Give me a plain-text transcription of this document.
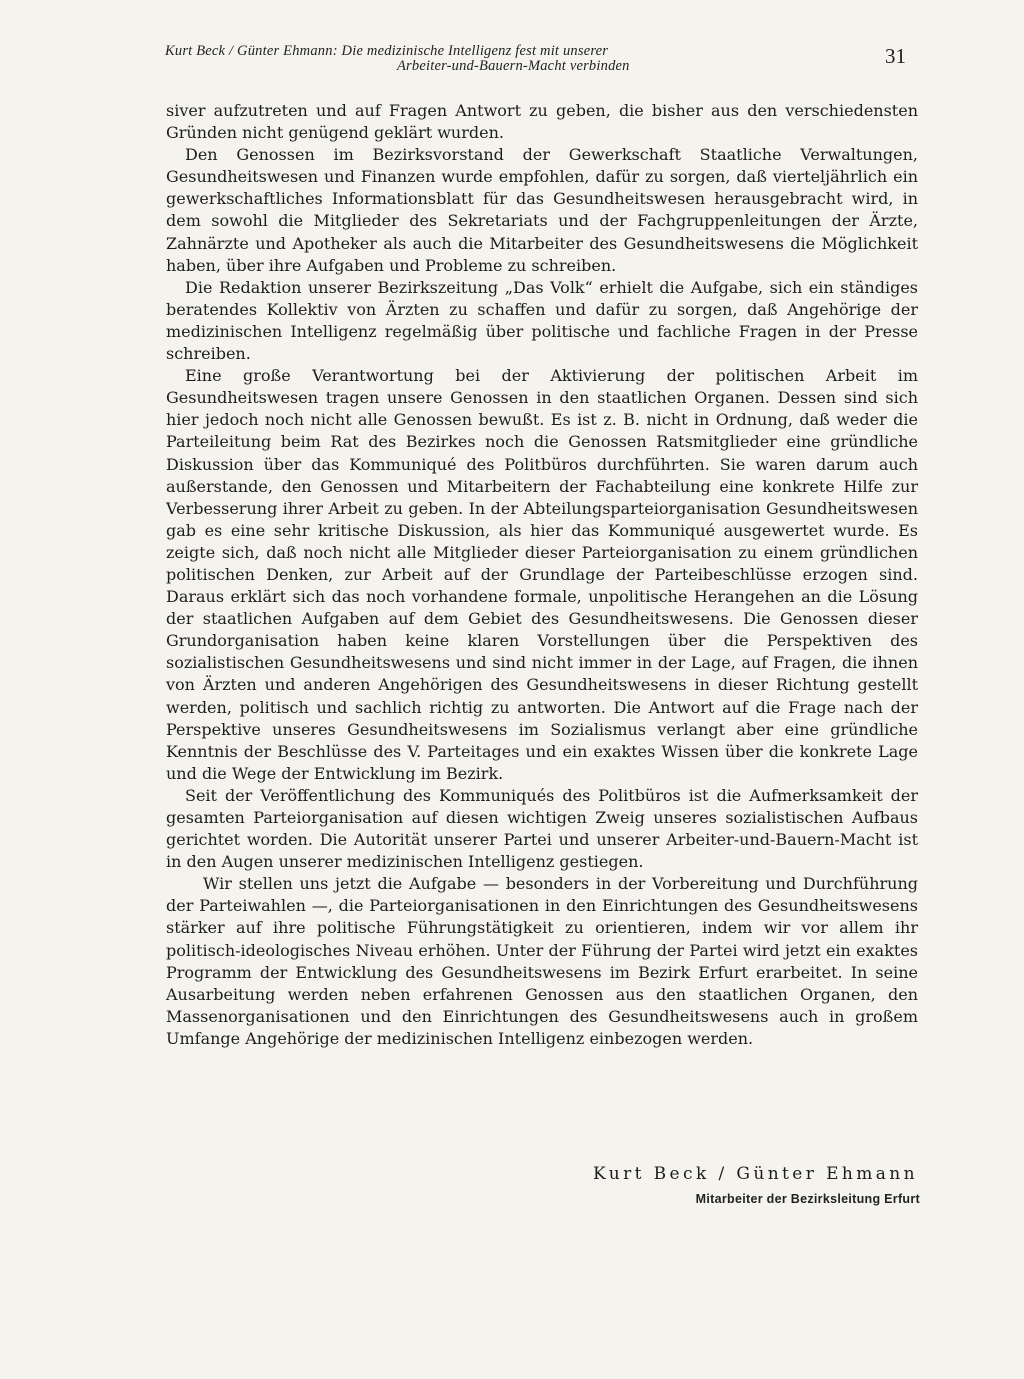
Kurt Beck / Günter Ehmann: Die medizinische Intelligenz fest mit unserer
Arbeiter-und-Bauern-Macht verbinden	31

siver aufzutreten und auf Fragen Antwort zu geben, die bisher aus den verschiedensten Gründen nicht genügend geklärt wurden.

Den Genossen im Bezirksvorstand der Gewerkschaft Staatliche Verwaltungen, Gesundheitswesen und Finanzen wurde empfohlen, dafür zu sorgen, daß vierteljährlich ein gewerkschaftliches Informationsblatt für das Gesundheitswesen herausgebracht wird, in dem sowohl die Mitglieder des Sekretariats und der Fachgruppenleitungen der Ärzte, Zahnärzte und Apotheker als auch die Mitarbeiter des Gesundheitswesens die Möglichkeit haben, über ihre Aufgaben und Probleme zu schreiben.

Die Redaktion unserer Bezirkszeitung „Das Volk“ erhielt die Aufgabe, sich ein ständiges beratendes Kollektiv von Ärzten zu schaffen und dafür zu sorgen, daß Angehörige der medizinischen Intelligenz regelmäßig über politische und fachliche Fragen in der Presse schreiben.

Eine große Verantwortung bei der Aktivierung der politischen Arbeit im Gesundheitswesen tragen unsere Genossen in den staatlichen Organen. Dessen sind sich hier jedoch noch nicht alle Genossen bewußt. Es ist z. B. nicht in Ordnung, daß weder die Parteileitung beim Rat des Bezirkes noch die Genossen Ratsmitglieder eine gründliche Diskussion über das Kommuniqué des Politbüros durchführten. Sie waren darum auch außerstande, den Genossen und Mitarbeitern der Fachabteilung eine konkrete Hilfe zur Verbesserung ihrer Arbeit zu geben. In der Abteilungsparteiorganisation Gesundheitswesen gab es eine sehr kritische Diskussion, als hier das Kommuniqué ausgewertet wurde. Es zeigte sich, daß noch nicht alle Mitglieder dieser Parteiorganisation zu einem gründlichen politischen Denken, zur Arbeit auf der Grundlage der Parteibeschlüsse erzogen sind. Daraus erklärt sich das noch vorhandene formale, unpolitische Herangehen an die Lösung der staatlichen Aufgaben auf dem Gebiet des Gesundheitswesens. Die Genossen dieser Grundorganisation haben keine klaren Vorstellungen über die Perspektiven des sozialistischen Gesundheitswesens und sind nicht immer in der Lage, auf Fragen, die ihnen von Ärzten und anderen Angehörigen des Gesundheitswesens in dieser Richtung gestellt werden, politisch und sachlich richtig zu antworten. Die Antwort auf die Frage nach der Perspektive unseres Gesundheitswesens im Sozialismus verlangt aber eine gründliche Kenntnis der Beschlüsse des V. Parteitages und ein exaktes Wissen über die konkrete Lage und die Wege der Entwicklung im Bezirk.

Seit der Veröffentlichung des Kommuniqués des Politbüros ist die Aufmerksamkeit der gesamten Parteiorganisation auf diesen wichtigen Zweig unseres sozialistischen Aufbaus gerichtet worden. Die Autorität unserer Partei und unserer Arbeiter-und-Bauern-Macht ist in den Augen unserer medizinischen Intelligenz gestiegen.

Wir stellen uns jetzt die Aufgabe — besonders in der Vorbereitung und Durchführung der Parteiwahlen —, die Parteiorganisationen in den Einrichtungen des Gesundheitswesens stärker auf ihre politische Führungstätigkeit zu orientieren, indem wir vor allem ihr politisch-ideologisches Niveau erhöhen. Unter der Führung der Partei wird jetzt ein exaktes Programm der Entwicklung des Gesundheitswesens im Bezirk Erfurt erarbeitet. In seine Ausarbeitung werden neben erfahrenen Genossen aus den staatlichen Organen, den Massenorganisationen und den Einrichtungen des Gesundheitswesens auch in großem Umfange Angehörige der medizinischen Intelligenz einbezogen werden.

Kurt Beck / Günter Ehmann
Mitarbeiter der Bezirksleitung Erfurt
